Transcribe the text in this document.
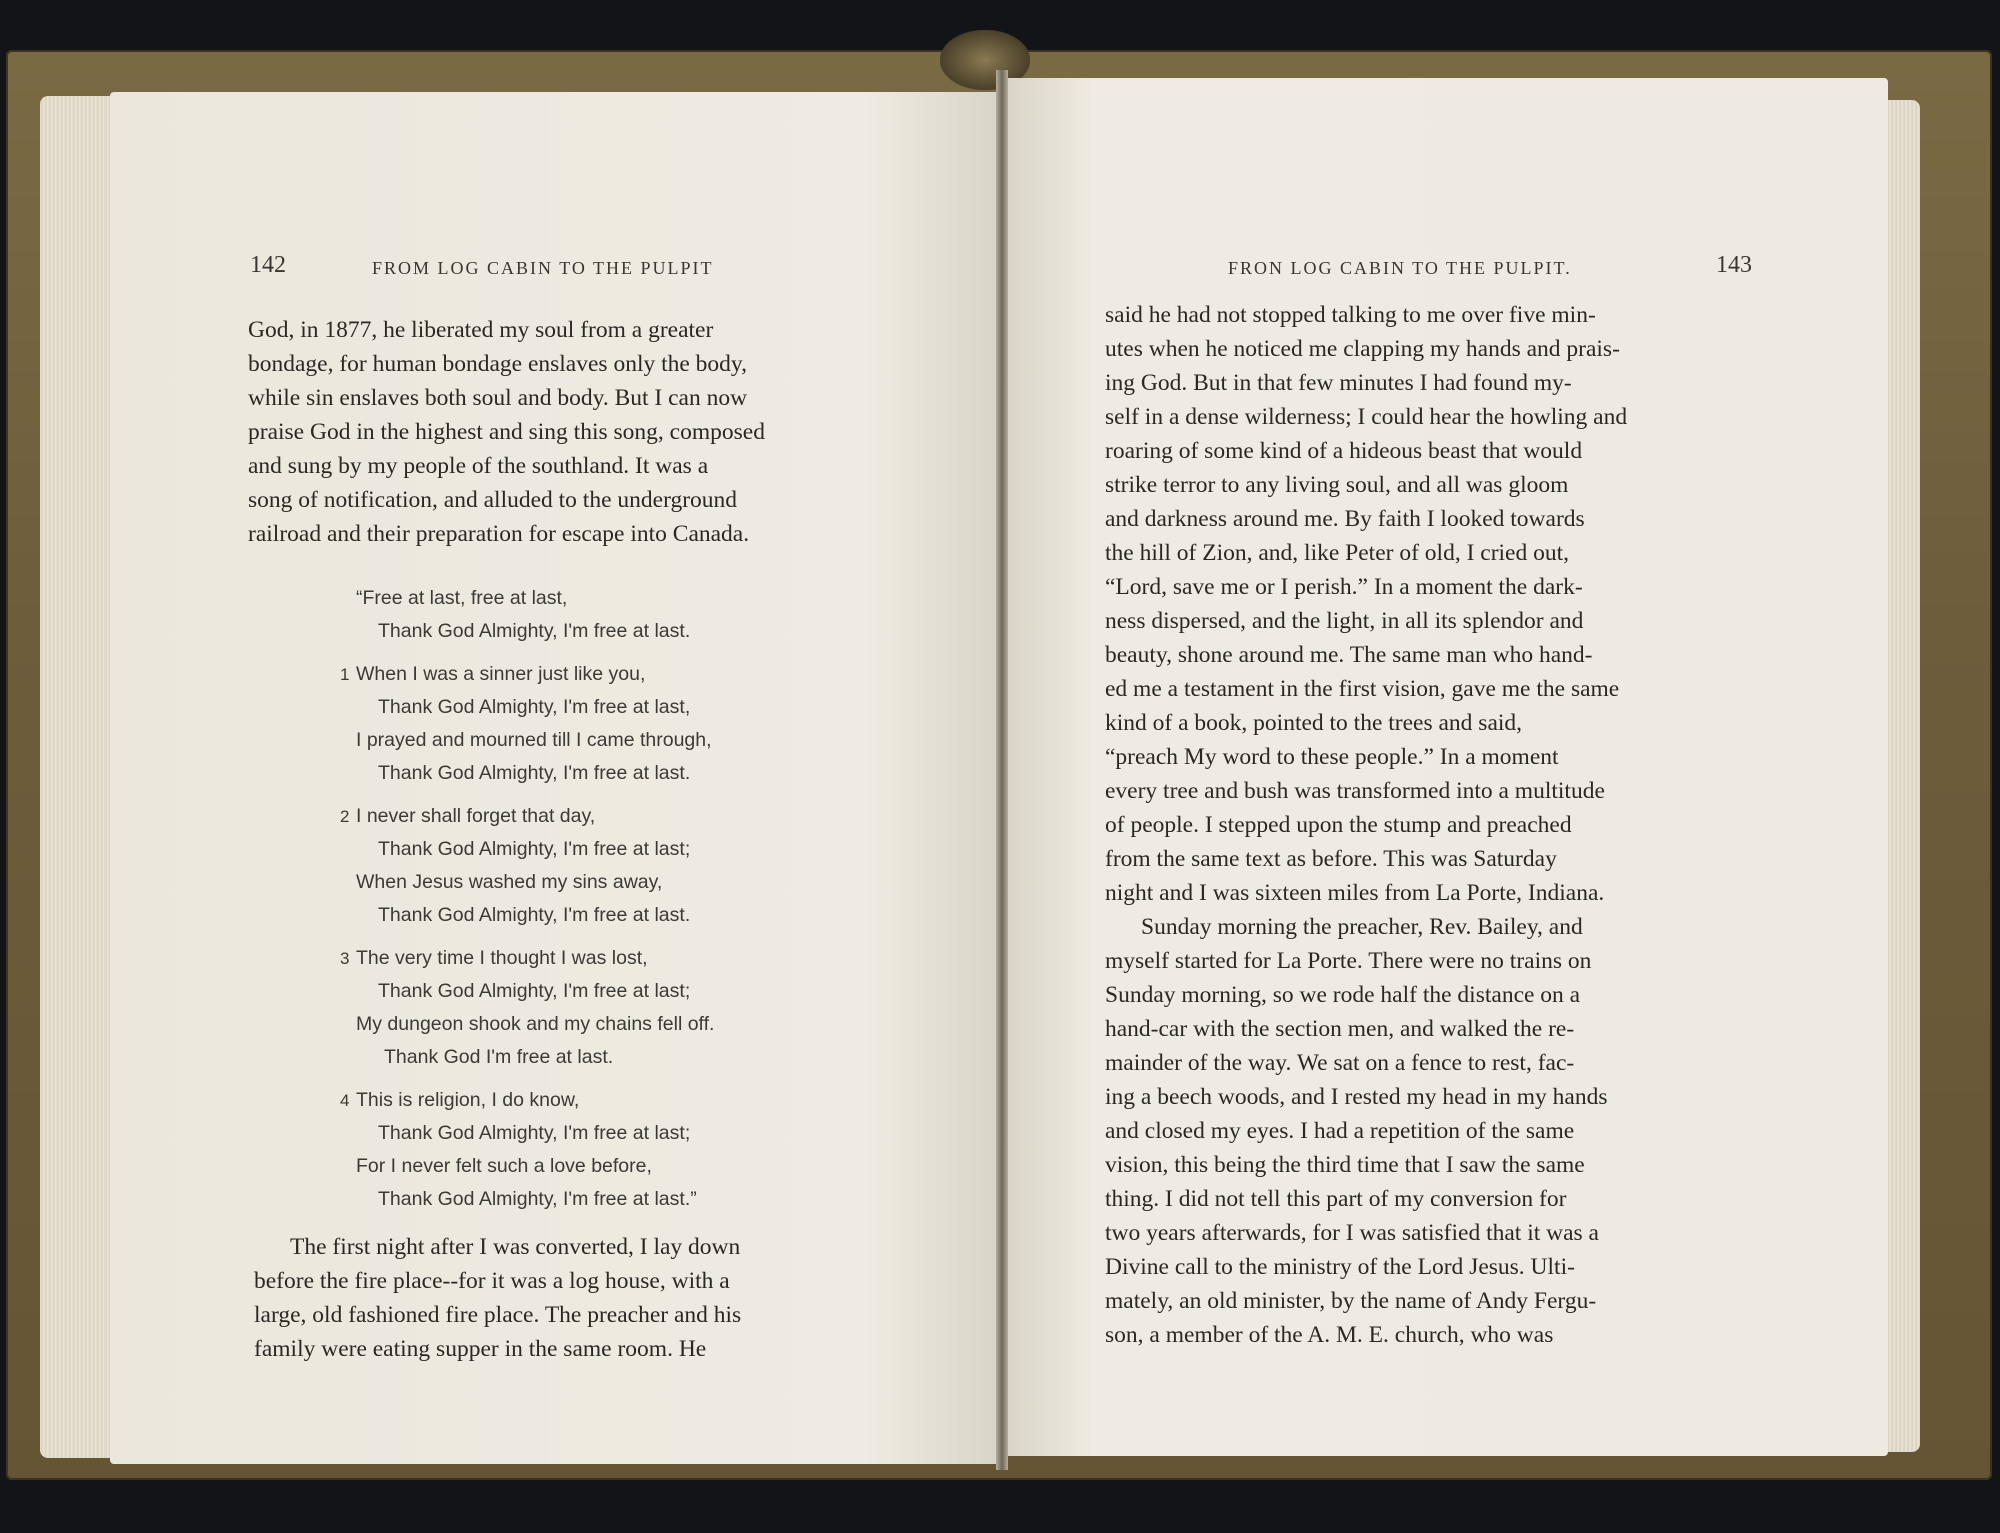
142	FROM LOG CABIN TO THE PULPIT

God, in 1877, he liberated my soul from a greater

bondage, for human bondage enslaves only the body,

while sin enslaves both soul and body. But I can now

praise God in the highest and sing this song, composed

and sung by my people of the southland. It was a

song of notification, and alluded to the underground

railroad and their preparation for escape into Canada.

“Free at last, free at last,
Thank God Almighty, I'm free at last.
1 When I was a sinner just like you,
Thank God Almighty, I'm free at last,
I prayed and mourned till I came through,
Thank God Almighty, I'm free at last.
2 I never shall forget that day,
Thank God Almighty, I'm free at last;
When Jesus washed my sins away,
Thank God Almighty, I'm free at last.
3 The very time I thought I was lost,
Thank God Almighty, I'm free at last;
My dungeon shook and my chains fell off.
Thank God I'm free at last.
4 This is religion, I do know,
Thank God Almighty, I'm free at last;
For I never felt such a love before,
Thank God Almighty, I'm free at last.”

The first night after I was converted, I lay down

before the fire place--for it was a log house, with a

large, old fashioned fire place. The preacher and his

family were eating supper in the same room. He

FRON LOG CABIN TO THE PULPIT.	143

said he had not stopped talking to me over five min-

utes when he noticed me clapping my hands and prais-

ing God. But in that few minutes I had found my-

self in a dense wilderness; I could hear the howling and

roaring of some kind of a hideous beast that would

strike terror to any living soul, and all was gloom

and darkness around me. By faith I looked towards

the hill of Zion, and, like Peter of old, I cried out,

“Lord, save me or I perish.” In a moment the dark-

ness dispersed, and the light, in all its splendor and

beauty, shone around me. The same man who hand-

ed me a testament in the first vision, gave me the same

kind of a book, pointed to the trees and said,

“preach My word to these people.” In a moment

every tree and bush was transformed into a multitude

of people. I stepped upon the stump and preached

from the same text as before. This was Saturday

night and I was sixteen miles from La Porte, Indiana.

Sunday morning the preacher, Rev. Bailey, and

myself started for La Porte. There were no trains on

Sunday morning, so we rode half the distance on a

hand-car with the section men, and walked the re-

mainder of the way. We sat on a fence to rest, fac-

ing a beech woods, and I rested my head in my hands

and closed my eyes. I had a repetition of the same

vision, this being the third time that I saw the same

thing. I did not tell this part of my conversion for

two years afterwards, for I was satisfied that it was a

Divine call to the ministry of the Lord Jesus. Ulti-

mately, an old minister, by the name of Andy Fergu-

son, a member of the A. M. E. church, who was
